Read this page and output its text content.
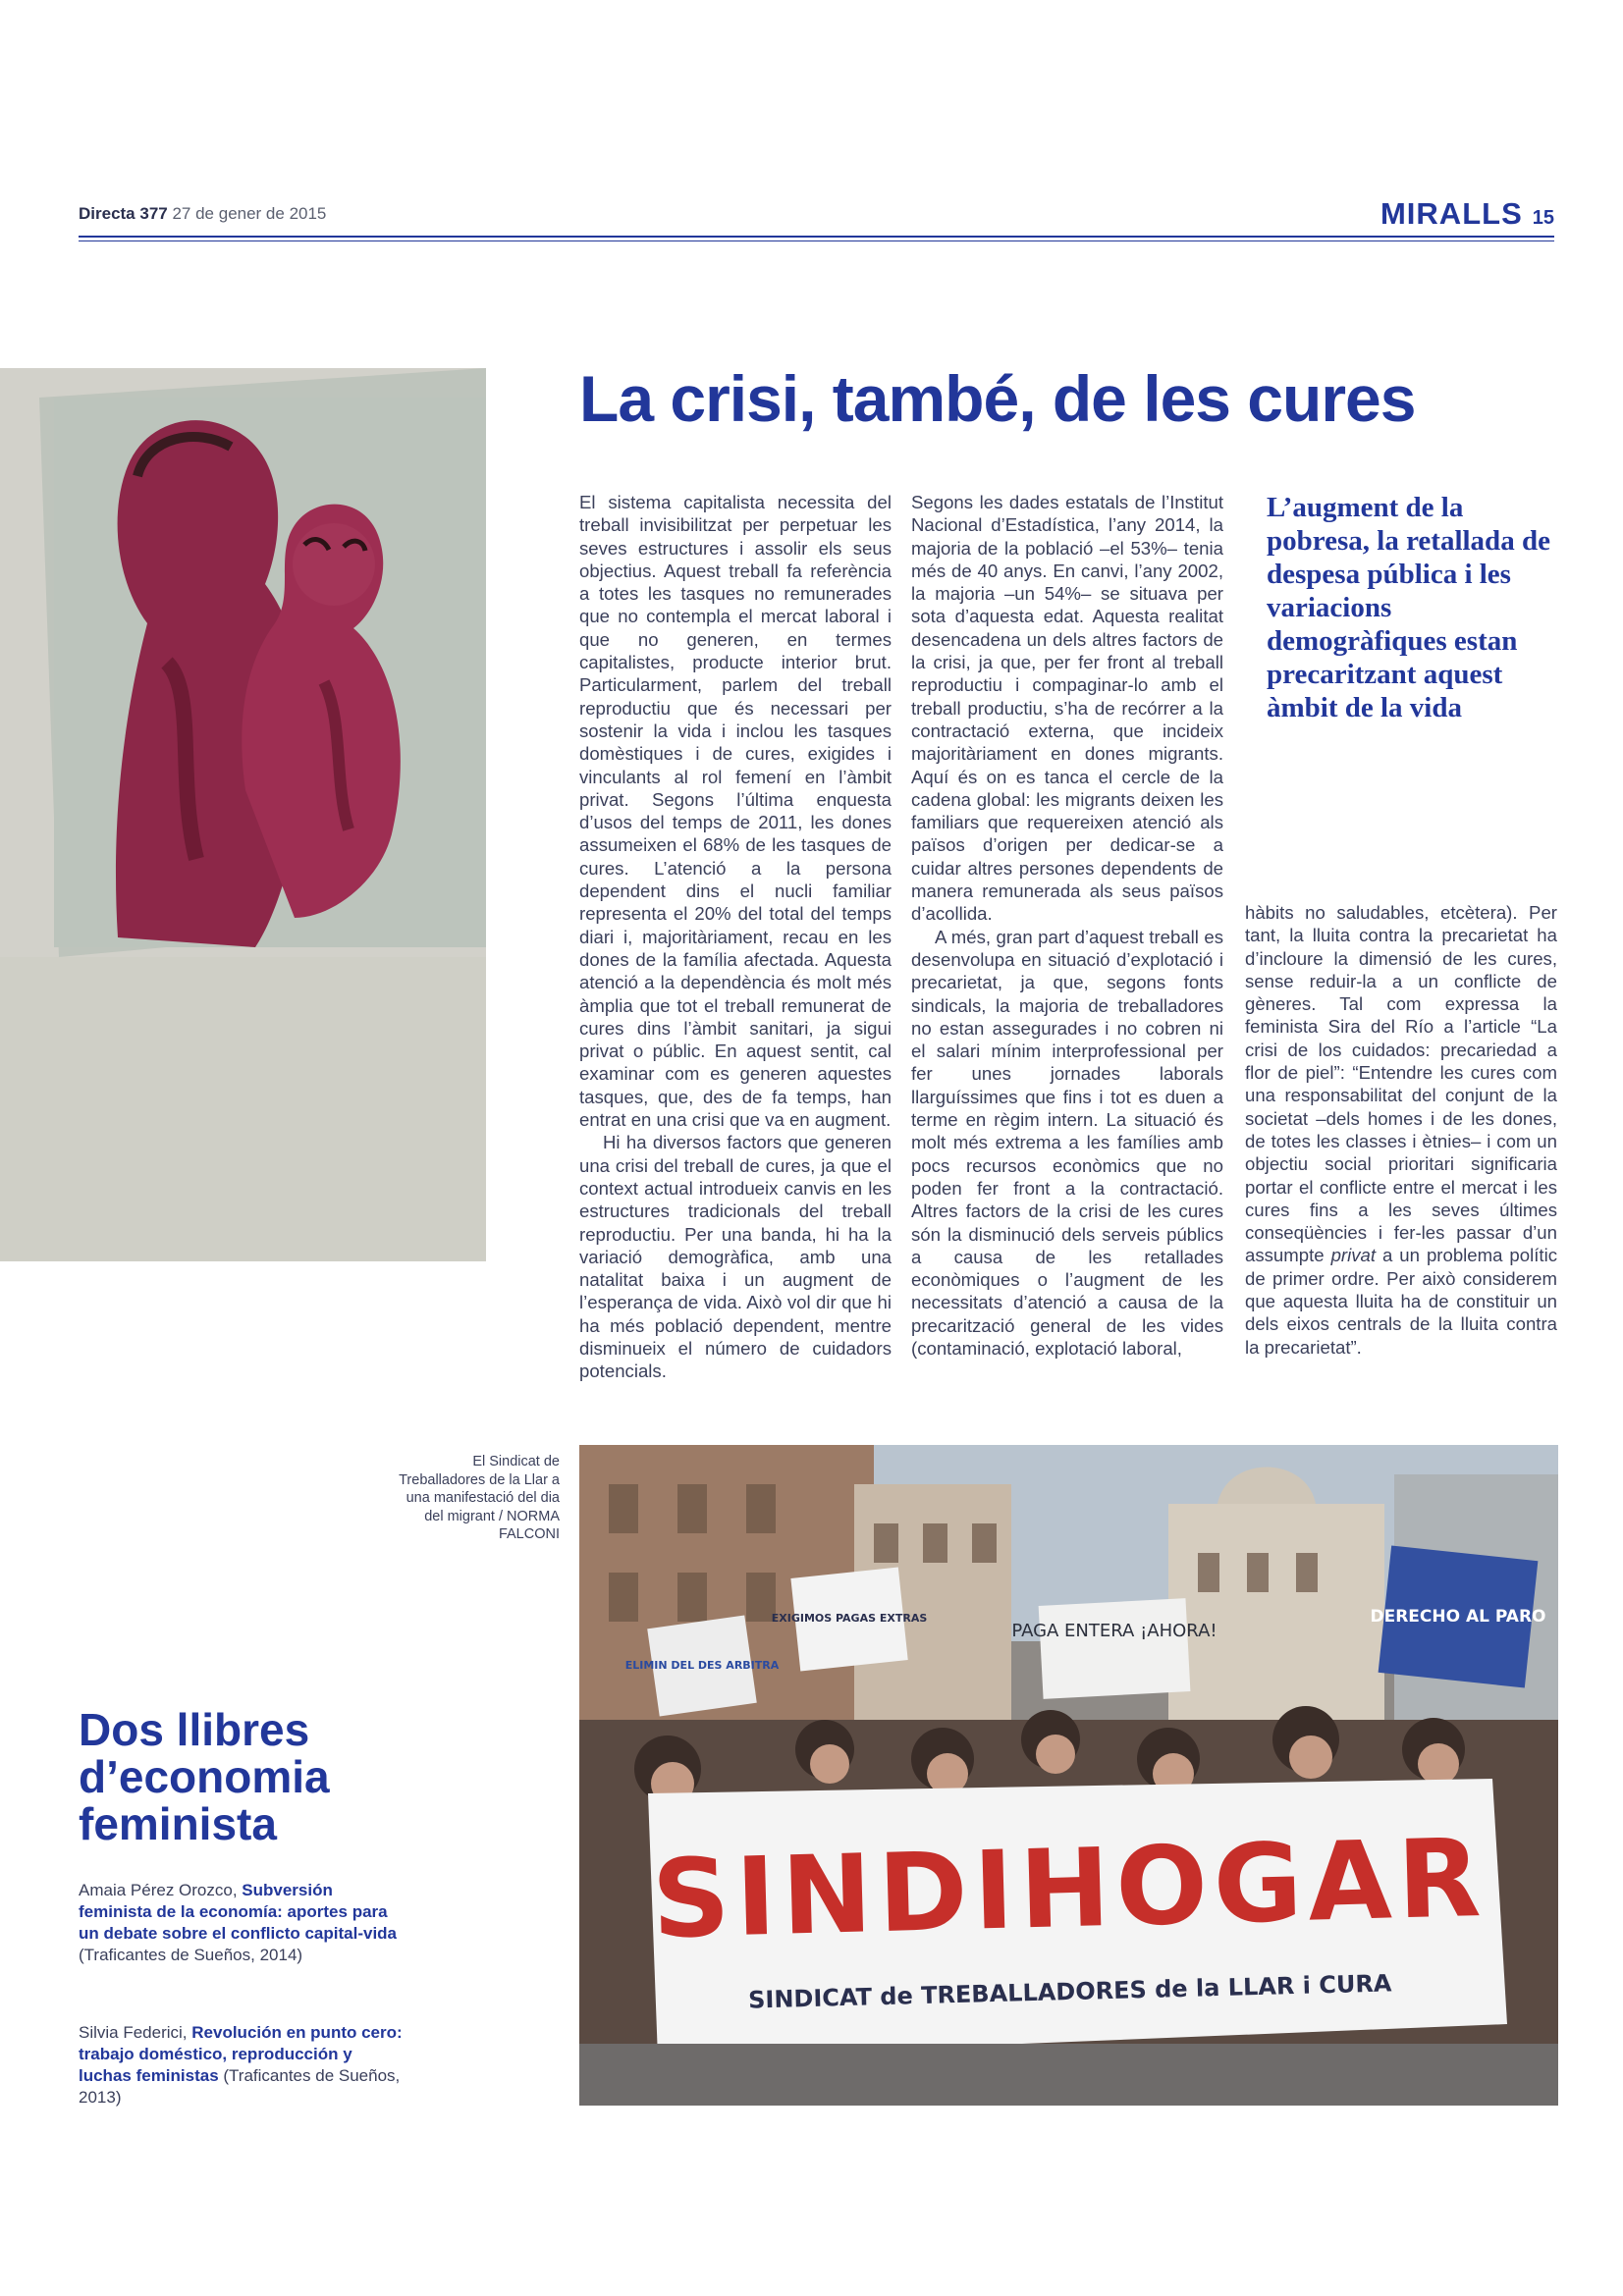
Directa 377 27 de gener de 2015	MIRALLS 15
La crisi, també, de les cures

El sistema capitalista necessita del treball invisibilitzat per perpetuar les seves estructures i assolir els seus objectius. Aquest treball fa referència a totes les tasques no remunerades que no contempla el mercat laboral i que no generen, en termes capitalistes, producte interior brut. Particularment, parlem del treball reproductiu que és necessari per sostenir la vida i inclou les tasques domèstiques i de cures, exigides i vinculants al rol femení en l’àmbit privat. Segons l’última enquesta d’usos del temps de 2011, les dones assumeixen el 68% de les tasques de cures. L’atenció a la persona dependent dins el nucli familiar representa el 20% del total del temps diari i, majoritàriament, recau en les dones de la família afectada. Aquesta atenció a la dependència és molt més àmplia que tot el treball remunerat de cures dins l’àmbit sanitari, ja sigui privat o públic. En aquest sentit, cal examinar com es generen aquestes tasques, que, des de fa temps, han entrat en una crisi que va en augment.

Hi ha diversos factors que generen una crisi del treball de cures, ja que el context actual introdueix canvis en les estructures tradicionals del treball reproductiu. Per una banda, hi ha la variació demogràfica, amb una natalitat baixa i un augment de l’esperança de vida. Això vol dir que hi ha més població dependent, mentre disminueix el número de cuidadors potencials.

Segons les dades estatals de l’Institut Nacional d’Estadística, l’any 2014, la majoria de la població –el 53%– tenia més de 40 anys. En canvi, l’any 2002, la majoria –un 54%– se situava per sota d’aquesta edat. Aquesta realitat desencadena un dels altres factors de la crisi, ja que, per fer front al treball reproductiu i compaginar-lo amb el treball productiu, s’ha de recórrer a la contractació externa, que incideix majoritàriament en dones migrants. Aquí és on es tanca el cercle de la cadena global: les migrants deixen les familiars que requereixen atenció als països d’origen per dedicar-se a cuidar altres persones dependents de manera remunerada als seus països d’acollida.

A més, gran part d’aquest treball es desenvolupa en situació d’explotació i precarietat, ja que, segons fonts sindicals, la majoria de treballadores no estan assegurades i no cobren ni el salari mínim interprofessional per fer unes jornades laborals llarguíssimes que fins i tot es duen a terme en règim intern. La situació és molt més extrema a les famílies amb pocs recursos econòmics que no poden fer front a la contractació. Altres factors de la crisi de les cures són la disminució dels serveis públics a causa de les retallades econòmiques o l’augment de les necessitats d’atenció a causa de la precarització general de les vides (contaminació, explotació laboral,

L’augment de la pobresa, la retallada de despesa pública i les variacions demogràfiques estan precaritzant aquest àmbit de la vida

hàbits no saludables, etcètera). Per tant, la lluita contra la precarietat ha d’incloure la dimensió de les cures, sense reduir-la a un conflicte de gèneres. Tal com expressa la feminista Sira del Río a l’article “La crisi de los cuidados: precariedad a flor de piel”: “Entendre les cures com una responsabilitat del conjunt de la societat –dels homes i de les dones, de totes les classes i ètnies– i com un objectiu social prioritari significaria portar el conflicte entre el mercat i les cures fins a les seves últimes conseqüències i fer-les passar d’un assumpte privat a un problema polític de primer ordre. Per això considerem que aquesta lluita ha de constituir un dels eixos centrals de la lluita contra la precarietat”.

El Sindicat de Treballadores de la Llar a una manifestació del dia del migrant / NORMA FALCONI
PAGA ENTERA ¡AHORA!
DERECHO AL PARO
EXIGIMOS PAGAS EXTRAS
ELIMIN DEL DES ARBITRA
SINDIHOGAR
SINDICAT de TREBALLADORES de la LLAR i CURA
Dos llibres d’economia feminista
Amaia Pérez Orozco, Subversión feminista de la economía: aportes para un debate sobre el conflicto capital-vida (Traficantes de Sueños, 2014)
Silvia Federici, Revolución en punto cero: trabajo doméstico, reproducción y luchas feministas (Traficantes de Sueños, 2013)
